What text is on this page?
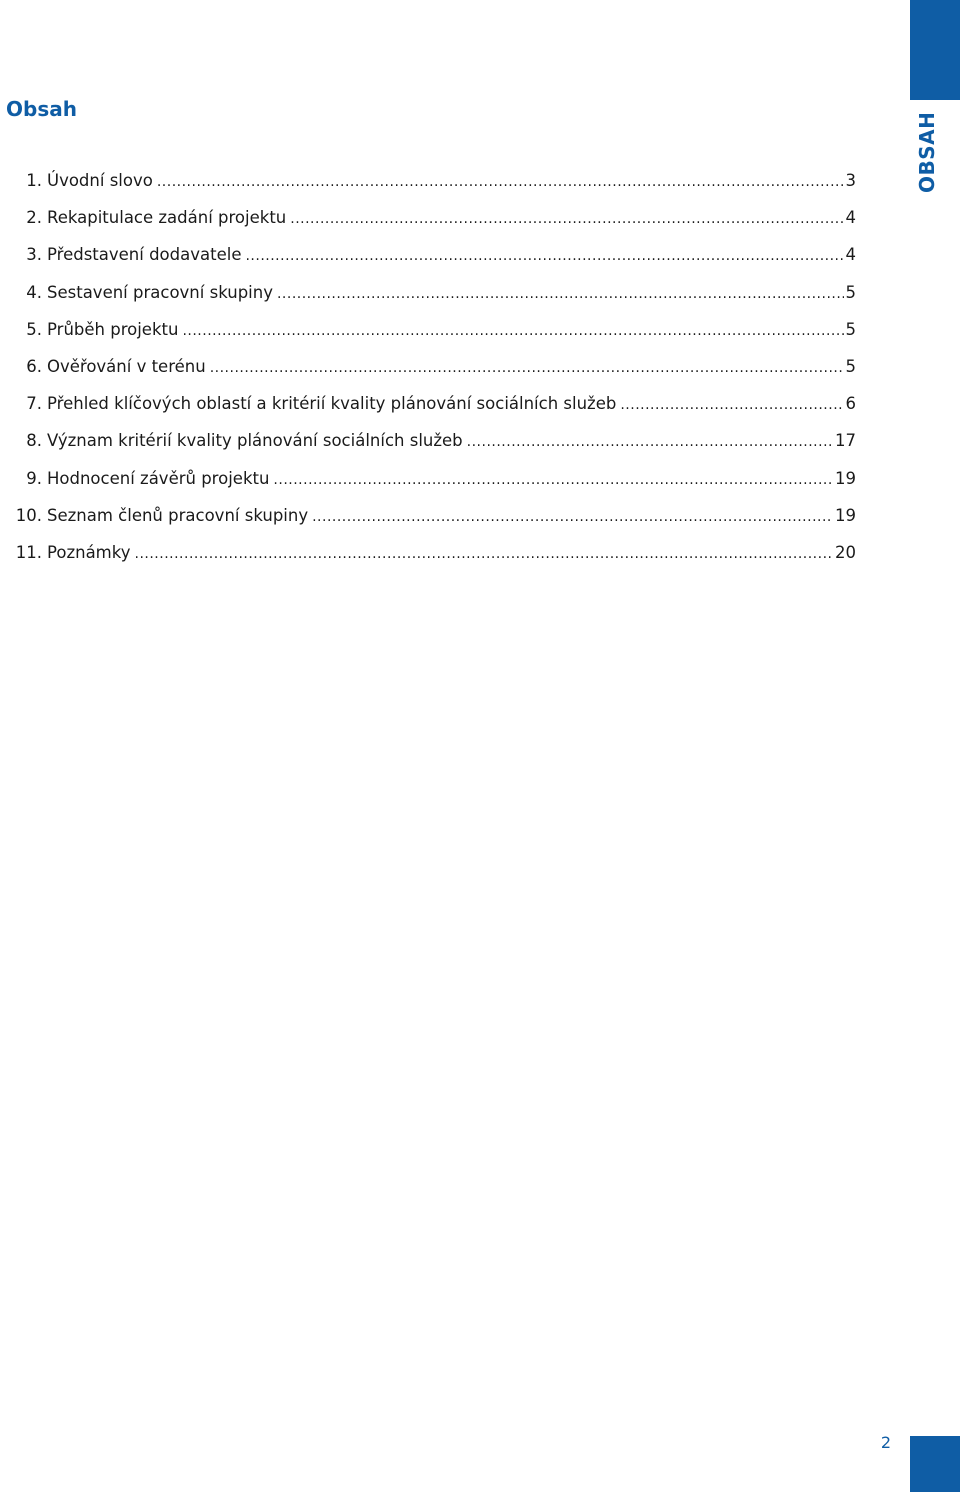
OBSAH
Obsah
1. Úvodní slovo .....	3
2. Rekapitulace zadání projektu .....	4
3. Představení dodavatele .....	4
4. Sestavení pracovní skupiny .....	5
5. Průběh projektu .....	5
6. Ověřování v terénu .....	5
7. Přehled klíčových oblastí a kritérií kvality plánování sociálních služeb .....	6
8. Význam kritérií kvality plánování sociálních služeb .....	17
9. Hodnocení závěrů projektu .....	19
10. Seznam členů pracovní skupiny .....	19
11. Poznámky .....	20
2
